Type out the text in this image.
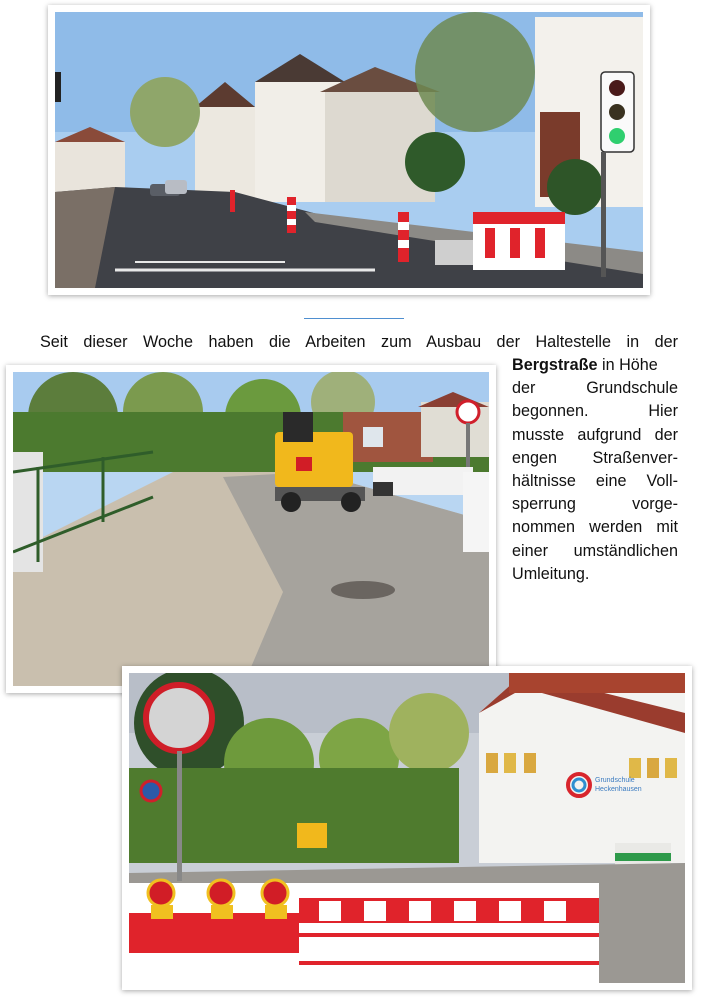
Seit dieser Woche haben die Arbeiten zum Ausbau der Haltestelle in der

Bergstraße in Höhe

der Grundschule

begonnen. Hier

musste aufgrund der

engen Straßenver-

hältnisse eine Voll-

sperrung vorge-

nommen werden mit

einer umständlichen

Umleitung.

Grundschule
Heckenhausen
